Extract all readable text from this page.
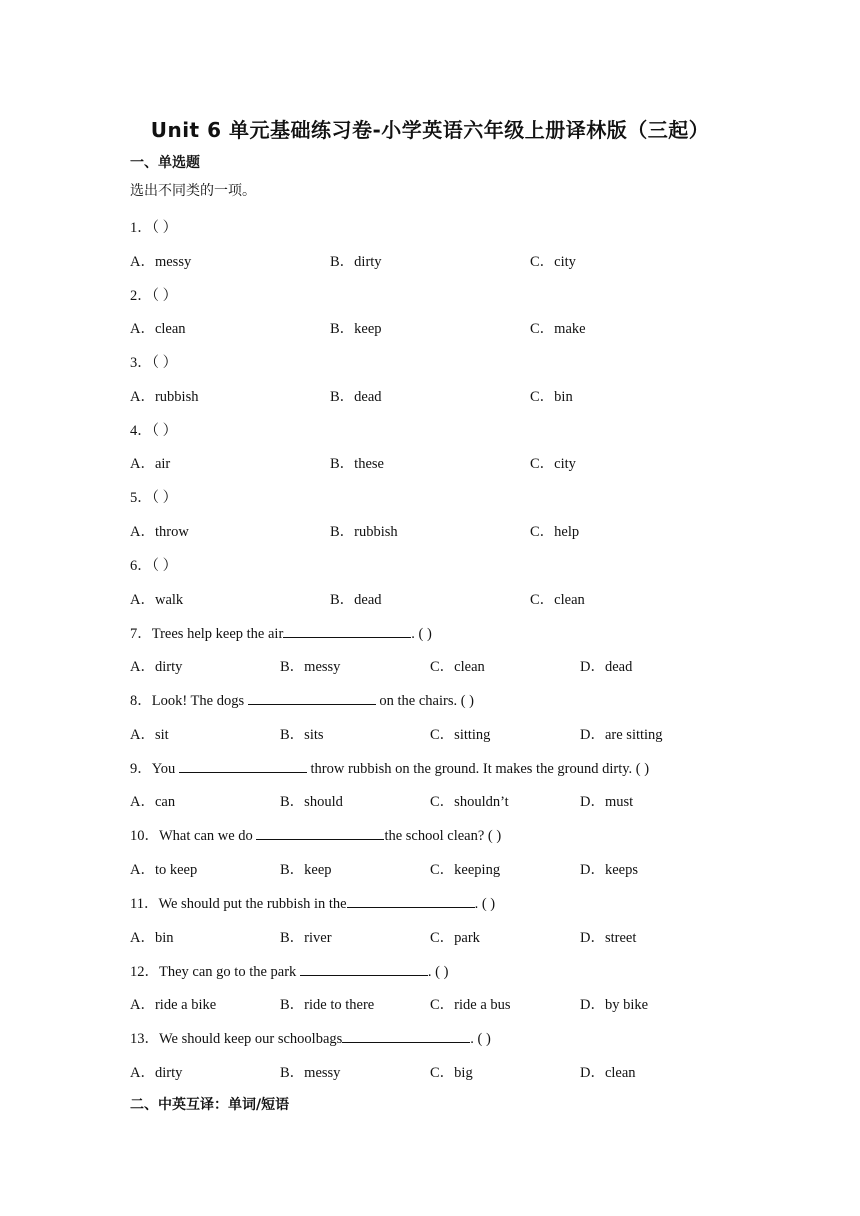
Unit 6 单元基础练习卷-小学英语六年级上册译林版（三起）
一、单选题
选出不同类的一项。
1．（ ）
A．messy	B．dirty	C．city
2．（ ）
A．clean	B．keep	C．make
3．（ ）
A．rubbish	B．dead	C．bin
4．（ ）
A．air	B．these	C．city
5．（ ）
A．throw	B．rubbish	C．help
6．（ ）
A．walk	B．dead	C．clean
7．Trees help keep the air	. ( )
A．dirty	B．messy	C．clean	D．dead
8．Look! The dogs	on the chairs. ( )
A．sit	B．sits	C．sitting	D．are sitting
9．You	throw rubbish on the ground. It makes the ground dirty. ( )
A．can	B．should	C．shouldn’t	D．must
10．What can we do	the school clean? ( )
A．to keep	B．keep	C．keeping	D．keeps
11．We should put the rubbish in the	. ( )
A．bin	B．river	C．park	D．street
12．They can go to the park	. ( )
A．ride a bike	B．ride to there	C．ride a bus	D．by bike
13．We should keep our schoolbags	. ( )
A．dirty	B．messy	C．big	D．clean
二、中英互译：单词/短语
